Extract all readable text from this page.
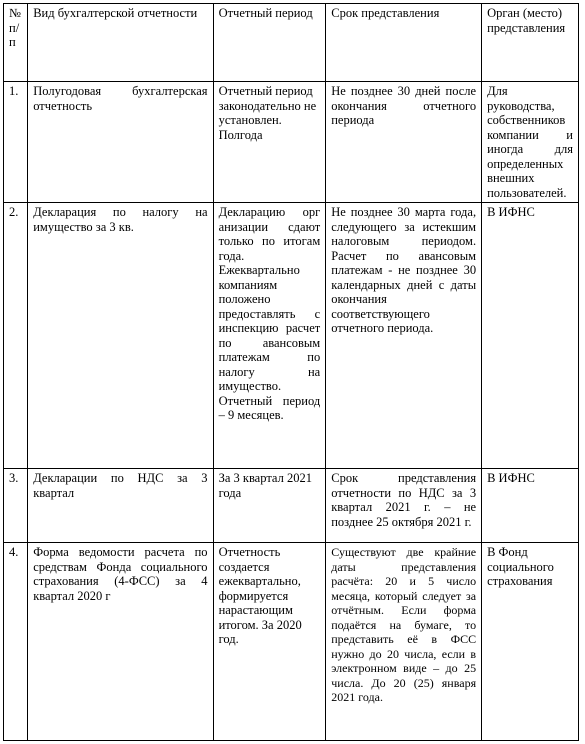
№ п/п	Вид бухгалтерской отчетности	Отчетный период	Срок представления	Орган (место) представления
1.	Полугодовая бухгалтерская отчетность	Отчетный период законодательно не установлен. Полгода	Не позднее 30 дней после окончания отчетного периода	Для руководства, собственников компании и иногда для определенных внешних пользователей.
2.	Декларация по налогу на имущество за 3 кв.	Декларацию орг анизации сдают только по итогам года. Ежеквартально компаниям положено предоставлять с инспекцию расчет по авансовым платежам по налогу на имущество. Отчетный период – 9 месяцев.	Не позднее 30 марта года, следующего за истекшим налоговым периодом. Расчет по авансовым платежам - не позднее 30 календарных дней с даты окончания соответствующего отчетного периода.	В ИФНС
3.	Декларации по НДС за 3 квартал	За 3 квартал 2021 года	Срок представления отчетности по НДС за 3 квартал 2021 г. – не позднее 25 октября 2021 г.	В ИФНС
4.	Форма ведомости расчета по средствам Фонда социального страхования (4-ФСС) за 4 квартал 2020 г	Отчетность создается ежеквартально, формируется нарастающим итогом. За 2020 год.	Существуют две крайние даты представления расчёта: 20 и 5 число месяца, который следует за отчётным. Если форма подаётся на бумаге, то представить её в ФСС нужно до 20 числа, если в электронном виде – до 25 числа. До 20 (25) января 2021 года.	В Фонд социального страхования
